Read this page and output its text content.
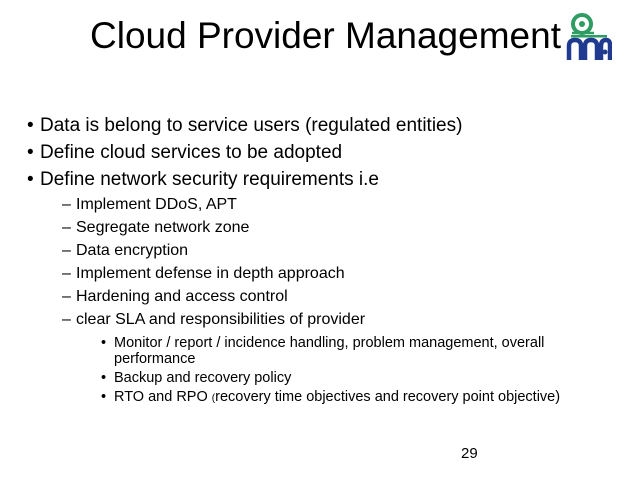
Cloud Provider Management
• Data is belong to service users (regulated entities)
• Define cloud services to be adopted
• Define network security requirements i.e
– Implement DDoS, APT
– Segregate network zone
– Data encryption
– Implement defense in depth approach
– Hardening and access control
– clear SLA and responsibilities of provider
• Monitor / report / incidence handling, problem management, overall
performance
• Backup and recovery policy
• RTO and RPO (recovery time objectives and recovery point objective)
29
